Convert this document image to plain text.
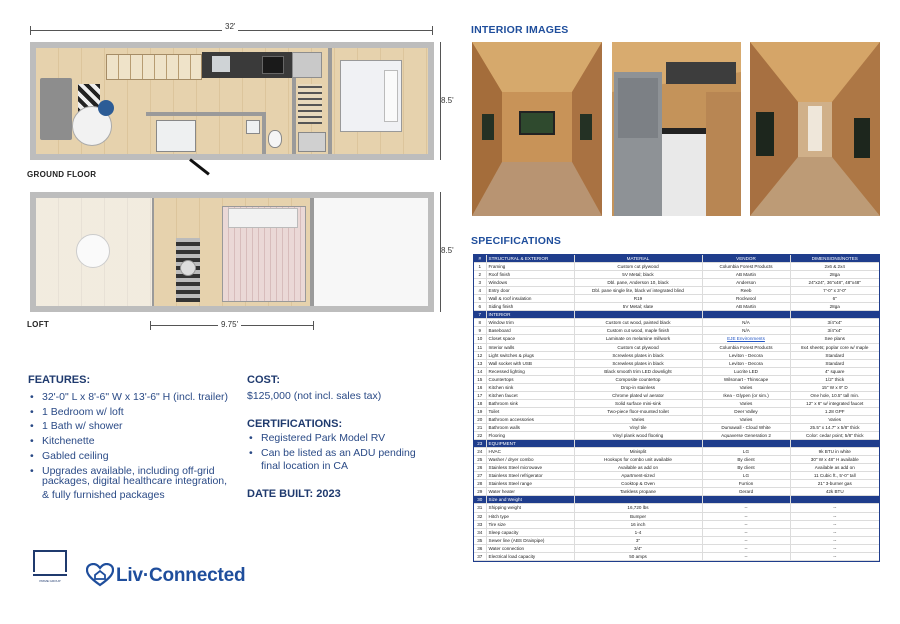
32'
8.5'
GROUND FLOOR
8.5'
LOFT	9.75'
INTERIOR IMAGES
SPECIFICATIONS
#	STRUCTURAL & EXTERIOR	MATERIAL	VENDOR	DIMENSIONS/NOTES
1	Framing	Custom cut plywood	Columbia Forest Products	2x6 & 2x4
2	Roof finish	5V Metal; black	AB Martin	28ga
3	Windows	Dbl. pane, Anderson 10, black	Anderson	24"x24", 36"x48", 48"x48"
4	Entry door	Dbl. pane single lite, black w/ integrated blind	Reeb	7'-0" x 3'-0"
5	Wall & roof insulation	R19	Rockwool	6"
6	Siding finish	5V Metal; slate	AB Martin	28ga
7	INTERIOR			
8	Window trim	Custom cut wood, painted black	N/A	3/4"x4"
9	Baseboard	Custom cut wood, maple finish	N/A	3/4"x4"
10	Closet space	Laminate on melamine millwork	EJE Environments	See plans
11	Interior walls	Custom cut plywood	Columbia Forest Products	8x4 sheets; poplar core w/ maple
12	Light switches & plugs	Screwless plates in black	Leviton - Decora	Standard
13	Wall socket with USB	Screwless plates in black	Leviton - Decora	Standard
14	Recessed lighting	Black smooth trim LED downlight	Lucrite LED	4" square
15	Countertops	Composite countertop	Wilsonart - Thinscape	1/2" thick
16	Kitchen sink	Drop-in stainless	Varies	15" W x 9" D
17	Kitchen faucet	Chrome plated w/ aerator	Ikea - Glypen (or sim.)	One hole, 10.5" tall min.
18	Bathroom sink	Solid surface mini-sink	Varies	12" x 6" w/ integrated faucet
19	Toilet	Two-piece floor-mounted toilet	Deer Valley	1.28 GPF
20	Bathroom accessories	Varies	Varies	Varies
21	Bathroom walls	Vinyl tile	Dumawall - Cloud White	25.5" x 14.7" x 5/8" thick
22	Flooring	Vinyl plank wood flooring	Aquaverse Generation 2	Color: cedar point; 5/8" thick
23	EQUIPMENT			
24	HVAC	Minisplit	LG	9k BTU in white
25	Washer / dryer combo	Hookups for combo unit available	By client	30" W x 48" H available
26	Stainless Steel microwave	Available as add on	By client	Available as add on
27	Stainless Steel refrigerator	Apartment-sized	LG	11 Cubic ft., 5'-0" tall
28	Stainless Steel range	Cooktop & Oven	Furrion	21" 3-burner gas
29	Water heater	Tankless propane	Gerard	42k BTU
30	Size and Weight			
31	Shipping weight	16,720 lbs	--	--
32	Hitch type	Bumper	--	--
33	Tire size	16 inch	--	--
34	Sleep capacity	1-4	--	--
35	Sewer line (ABS Drainpipe)	3"	--	--
36	Water connection	3/4"	--	--
37	Electrical load capacity	50 amps	--	--
FEATURES:
• 32'-0" L x 8'-6" W x 13'-6" H (incl. trailer)
• 1 Bedroom w/ loft
• 1 Bath w/ shower
• Kitchenette
• Gabled ceiling
• Upgrades available, including off-grid
packages, digital healthcare integration,
& fully furnished packages
COST:
$125,000 (not incl. sales tax)
CERTIFICATIONS:
• Registered Park Model RV
• Can be listed as an ADU pending
final location in CA
DATE BUILT: 2023
PRIME GROUP	Liv·Connected
